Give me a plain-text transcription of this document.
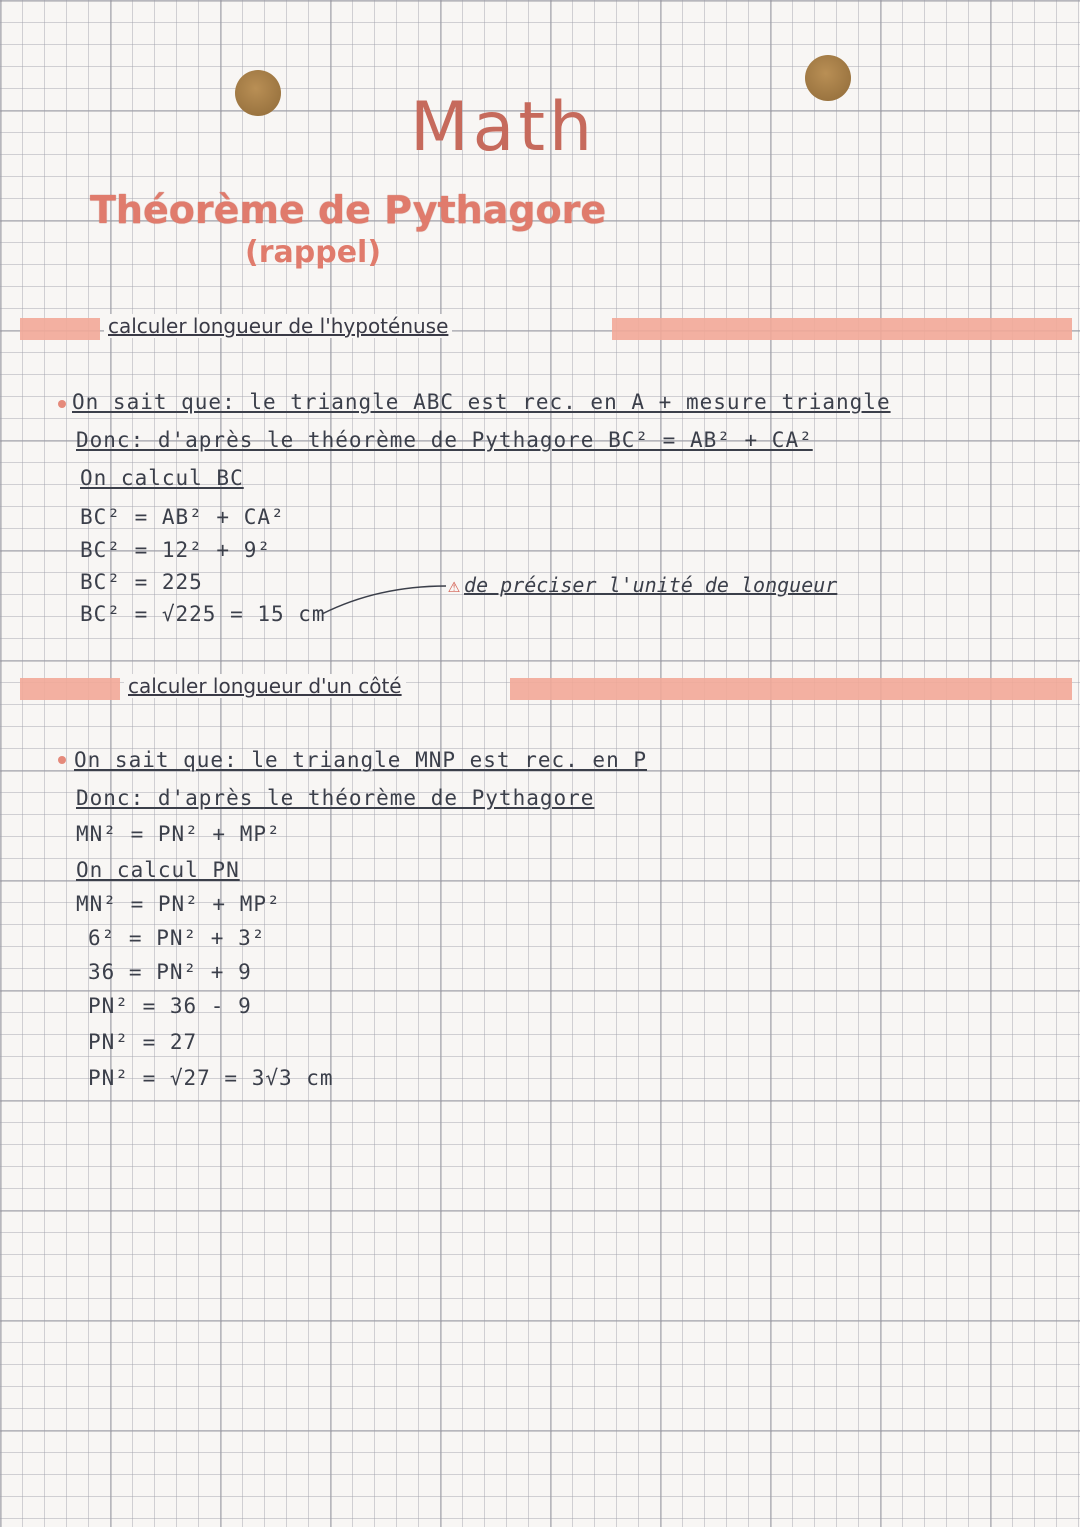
Math
Théorème de Pythagore
(rappel)
calculer longueur de l'hypoténuse
On sait que: le triangle ABC est rec. en A + mesure triangle
Donc: d'après le théorème de Pythagore BC² = AB² + CA²
On calcul BC
BC² = AB² + CA²
BC² = 12² + 9²
BC² = 225
BC² = √225 = 15 cm
⚠ de préciser l'unité de longueur
calculer longueur d'un côté
On sait que: le triangle MNP est rec. en P
Donc: d'après le théorème de Pythagore
MN² = PN² + MP²
On calcul PN
MN² = PN² + MP²
6² = PN² + 3²
36 = PN² + 9
PN² = 36 - 9
PN² = 27
PN² = √27 = 3√3 cm
